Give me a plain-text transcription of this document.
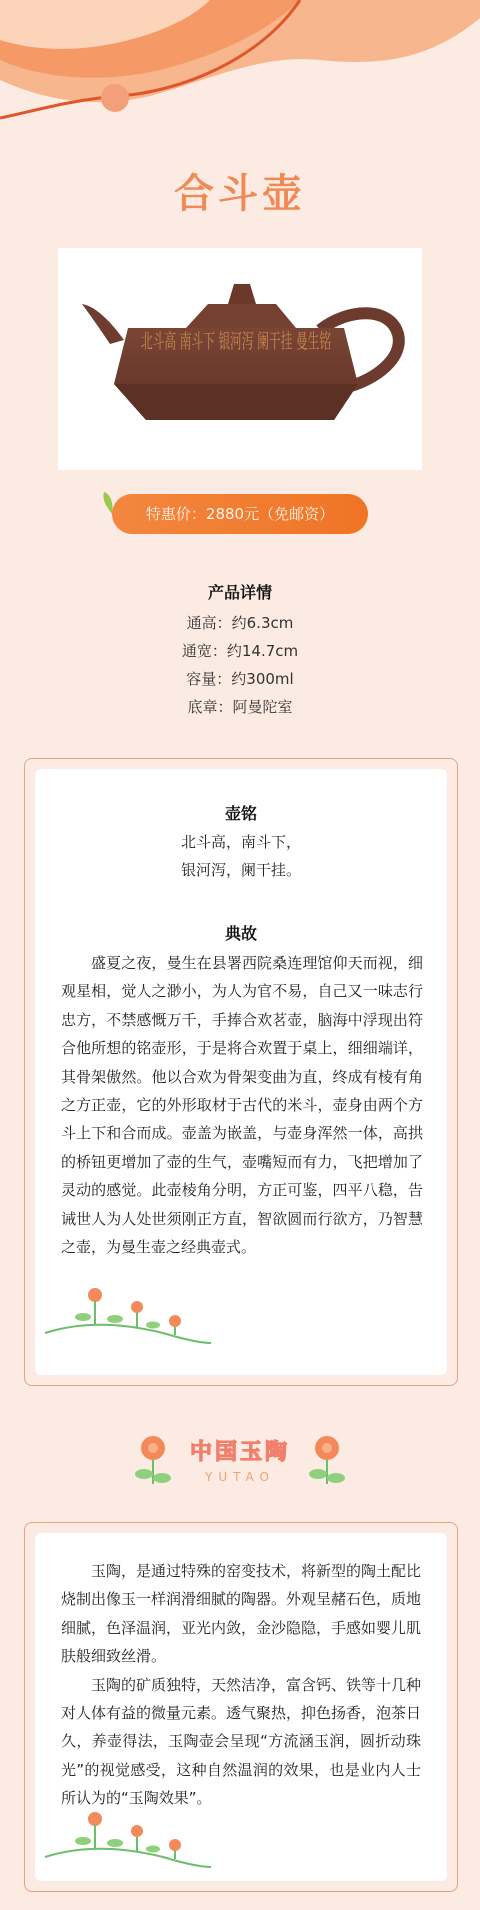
合斗壶
北斗高 南斗下 银河泻 阑干挂 曼生铭
特惠价：2880元（免邮资）
产品详情
通高：约6.3cm
通宽：约14.7cm
容量：约300ml
底章：阿曼陀室
壶铭
北斗高，南斗下，
银河泻，阑干挂。
典故

盛夏之夜，曼生在县署西院桑连理馆仰天而视，细观星相，觉人之渺小，为人为官不易，自己又一味志行忠方，不禁感慨万千，手捧合欢茗壶，脑海中浮现出符合他所想的铭壶形，于是将合欢置于桌上，细细端详，其骨架傲然。他以合欢为骨架变曲为直，终成有棱有角之方正壶，它的外形取材于古代的米斗，壶身由两个方斗上下和合而成。壶盖为嵌盖，与壶身浑然一体，高拱的桥钮更增加了壶的生气，壶嘴短而有力，飞把增加了灵动的感觉。此壶棱角分明，方正可鉴，四平八稳，告诫世人为人处世须刚正方直，智欲圆而行欲方，乃智慧之壶，为曼生壶之经典壶式。

中国玉陶
YUTAO

玉陶，是通过特殊的窑变技术，将新型的陶土配比烧制出像玉一样润滑细腻的陶器。外观呈赭石色，质地细腻，色泽温润，亚光内敛，金沙隐隐，手感如婴儿肌肤般细致丝滑。

玉陶的矿质独特，天然洁净，富含钙、铁等十几种对人体有益的微量元素。透气聚热，抑色扬香，泡茶日久，养壶得法，玉陶壶会呈现“方流涵玉润，圆折动珠光”的视觉感受，这种自然温润的效果，也是业内人士所认为的“玉陶效果”。
